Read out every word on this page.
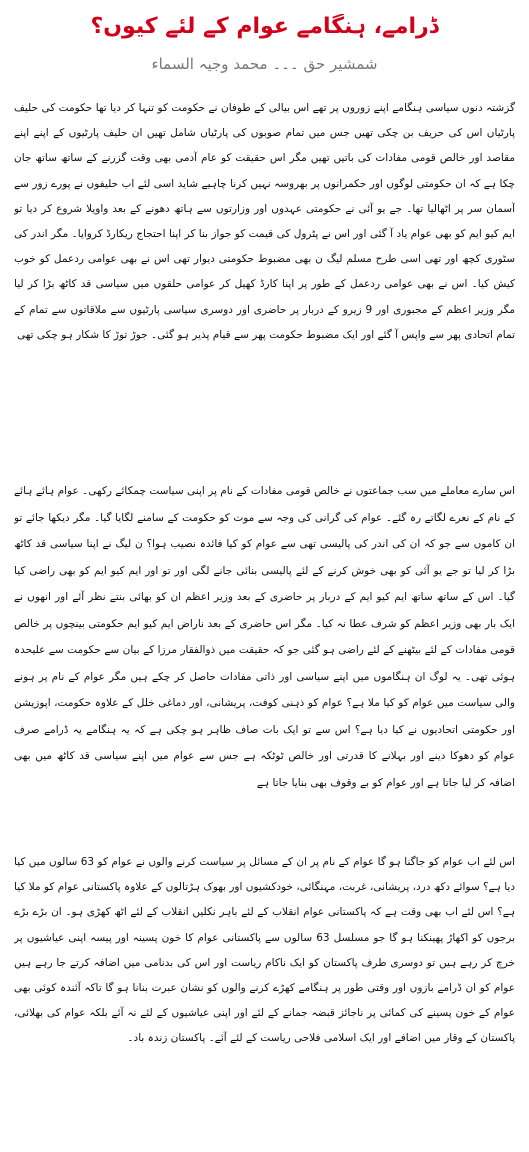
ڈرامے، ہنگامے عوام کے لئے کیوں؟
شمشیر حق ۔۔۔ محمد وجیہ السماء

گزشتہ دنوں سیاسی ہنگامے اپنے زوروں پر تھے اس بیالی کے طوفان نے حکومت کو تنہا کر دیا تھا حکومت کی حلیف پارٹیاں اس کی حریف بن چکی تھیں جس میں تمام صوبوں کی پارٹیاں شامل تھیں ان حلیف پارٹیوں کے اپنے اپنے مقاصد اور خالص قومی مفادات کی باتیں تھیں مگر اس حقیقت کو عام آدمی بھی وقت گزرنے کے ساتھ ساتھ جان چکا ہے کہ ان حکومتی لوگوں اور حکمرانوں پر بھروسہ نہیں کرنا چاہیے شاید اسی لئے اب حلیفوں نے پورے زور سے آسمان سر پر اٹھالیا تھا۔ جے یو آئی نے حکومتی عہدوں اور وزارتوں سے ہاتھ دھونے کے بعد واویلا شروع کر دیا تو ایم کیو ایم کو بھی عوام یاد آ گئی اور اس نے پٹرول کی قیمت کو جواز بنا کر اپنا احتجاج ریکارڈ کروایا۔ مگر اندر کی سٹوری کچھ اور تھی اسی طرح مسلم لیگ ن بھی مضبوط حکومتی دیوار تھی اس نے بھی عوامی ردعمل کو خوب کیش کیا۔ اس نے بھی عوامی ردعمل کے طور پر اپنا کارڈ کھیل کر عوامی حلقوں میں سیاسی قد کاٹھ بڑا کر لیا مگر وزیر اعظم کے مجبوری اور 9 زیرو کے دربار پر حاضری اور دوسری سیاسی پارٹیوں سے ملاقاتوں سے تمام کے تمام اتحادی پھر سے واپس آ گئے اور ایک مضبوط حکومت پھر سے قیام پذیر ہو گئی۔ جوڑ توڑ کا شکار ہو چکی تھی

اس سارے معاملے میں سب جماعتوں نے خالص قومی مفادات کے نام پر اپنی سیاست چمکائے رکھی۔ عوام ہائے ہائے کے نام کے نعرے لگاتے رہ گئے۔ عوام کی گرانی کی وجہ سے موت کو حکومت کے سامنے لگایا گیا۔ مگر دیکھا جائے تو ان کاموں سے جو کہ ان کی اندر کی پالیسی تھی سے عوام کو کیا فائدہ نصیب ہوا؟ ن لیگ نے اپنا سیاسی قد کاٹھ بڑا کر لیا تو جے یو آئی کو بھی خوش کرنے کے لئے پالیسی بنائی جانے لگی اور تو اور ایم کیو ایم کو بھی راضی کیا گیا۔ اس کے ساتھ ساتھ ایم کیو ایم کے دربار پر حاضری کے بعد وزیر اعظم ان کو بھائی بنتے نظر آئے اور انھوں نے ایک بار بھی وزیر اعظم کو شرف عطا نہ کیا۔ مگر اس حاضری کے بعد ناراض ایم کیو ایم حکومتی بینچوں پر خالص قومی مفادات کے لئے بیٹھنے کے لئے راضی ہو گئی جو کہ حقیقت میں ذوالفقار مرزا کے بیان سے حکومت سے علیحدہ ہوئی تھی۔ یہ لوگ ان ہنگاموں میں اپنے سیاسی اور ذاتی مفادات حاصل کر چکے ہیں مگر عوام کے نام پر ہونے والی سیاست میں عوام کو کیا ملا ہے؟ عوام کو ذہنی کوفت، پریشانی، اور دماغی خلل کے علاوہ حکومت، اپوزیشن اور حکومتی اتحادیوں نے کیا دیا ہے؟ اس سے تو ایک بات صاف ظاہر ہو چکی ہے کہ یہ ہنگامے یہ ڈرامے صرف عوام کو دھوکا دینے اور بہلانے کا قدرتی اور خالص ٹوٹکہ ہے جس سے عوام میں اپنے سیاسی قد کاٹھ میں بھی اضافہ کر لیا جاتا ہے اور عوام کو بے وقوف بھی بنایا جاتا ہے

اس لئے اب عوام کو جاگنا ہو گا عوام کے نام پر ان کے مسائل پر سیاست کرنے والوں نے عوام کو 63 سالوں میں کیا دیا ہے؟ سوائے دکھ درد، پریشانی، غربت، مہنگائی، خودکشیوں اور بھوک ہڑتالوں کے علاوہ پاکستانی عوام کو ملا کیا ہے؟ اس لئے اب بھی وقت ہے کہ پاکستانی عوام انقلاب کے لئے باہر نکلیں انقلاب کے لئے اٹھ کھڑی ہو۔ ان بڑے بڑے برجوں کو اکھاڑ پھینکنا ہو گا جو مسلسل 63 سالوں سے پاکستانی عوام کا خون پسینہ اور پیسہ اپنی عیاشیوں پر خرچ کر رہے ہیں تو دوسری طرف پاکستان کو ایک ناکام ریاست اور اس کی بدنامی میں اضافہ کرتے جا رہے ہیں عوام کو ان ڈرامے بازوں اور وقتی طور پر ہنگامے کھڑے کرنے والوں کو نشان عبرت بنانا ہو گا تاکہ آئندہ کوئی بھی عوام کے خون پسینے کی کمائی پر ناجائز قبضہ جمانے کے لئے اور اپنی عیاشیوں کے لئے نہ آئے بلکہ عوام کی بھلائی، پاکستان کے وقار میں اضافے اور ایک اسلامی فلاحی ریاست کے لئے آئے۔ پاکستان زندہ باد۔
